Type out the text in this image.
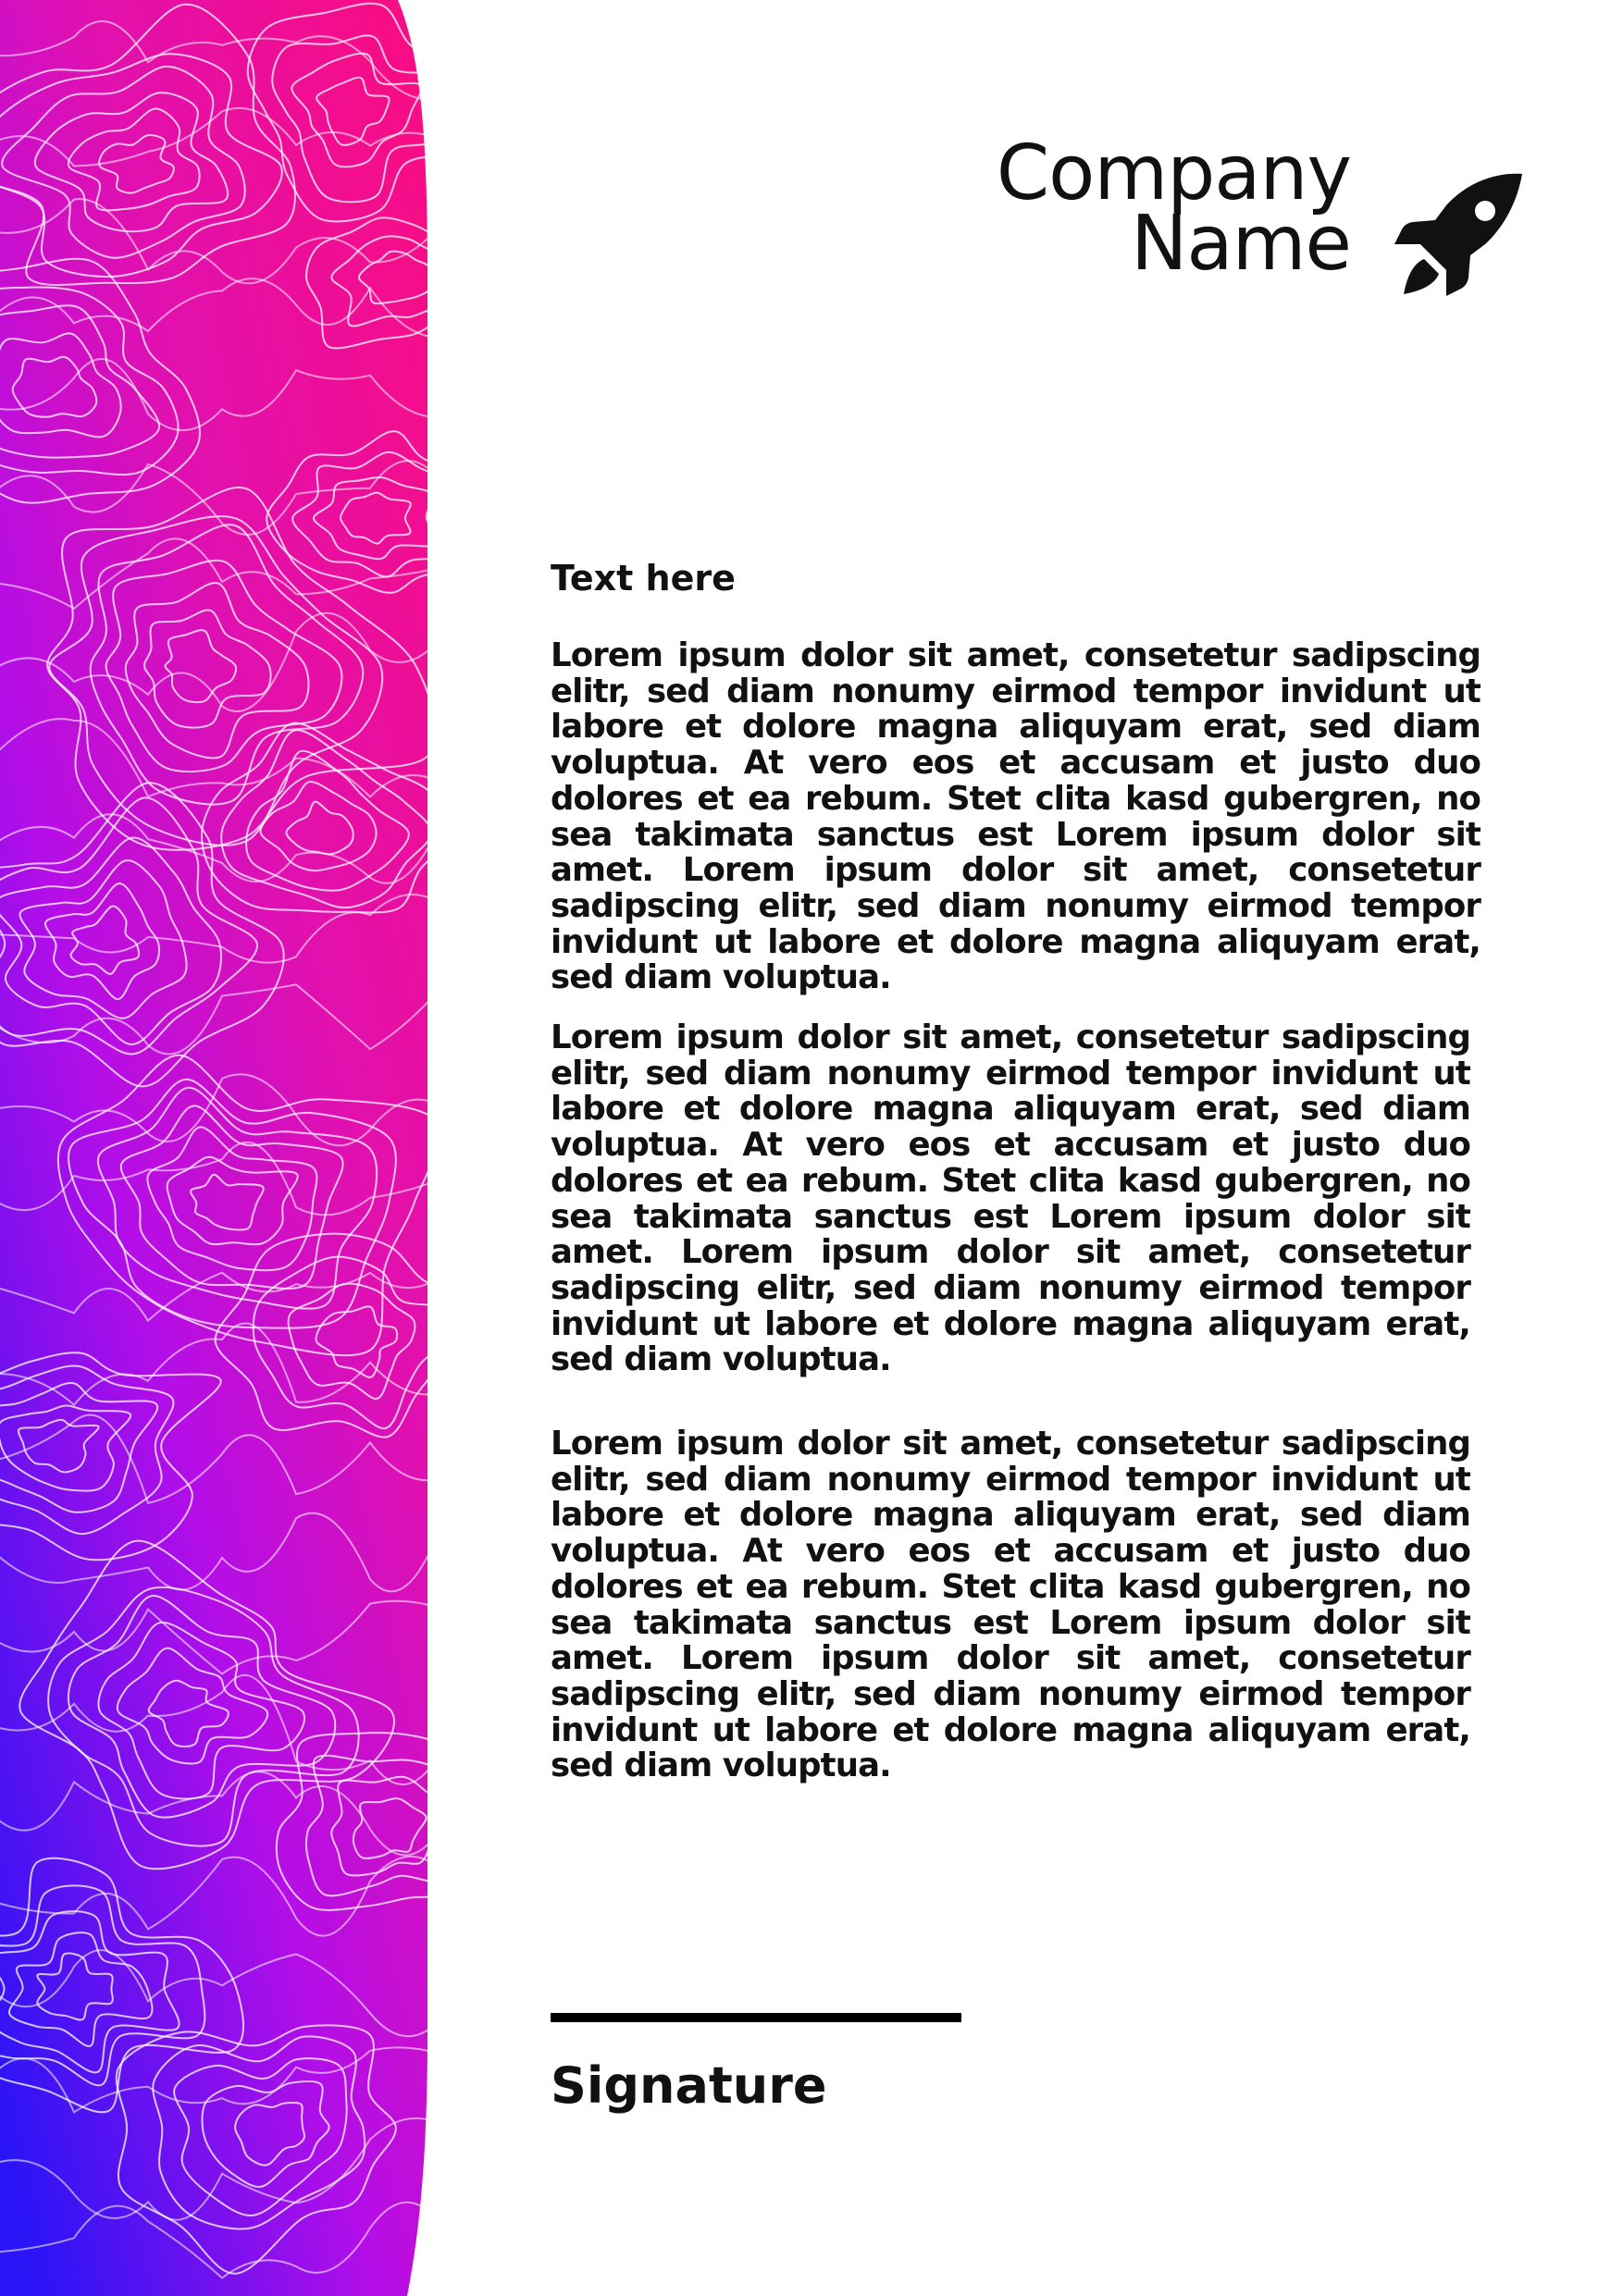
Company
Name
Text here

Lorem ipsum dolor sit amet, consetetur sadipscing elitr, sed diam nonumy eirmod tempor invidunt ut labore et dolore magna aliquyam erat, sed diam voluptua. At vero eos et accusam et justo duo dolores et ea rebum. Stet clita kasd gubergren, no sea takimata sanctus est Lorem ipsum dolor sit amet. Lorem ipsum dolor sit amet, consetetur sadipscing elitr, sed diam nonumy eirmod tempor invidunt ut labore et dolore magna aliquyam erat, sed diam voluptua.

Lorem ipsum dolor sit amet, consetetur sadipscing elitr, sed diam nonumy eirmod tempor invidunt ut labore et dolore magna aliquyam erat, sed diam voluptua. At vero eos et accusam et justo duo dolores et ea rebum. Stet clita kasd gubergren, no sea takimata sanctus est Lorem ipsum dolor sit amet. Lorem ipsum dolor sit amet, consetetur sadipscing elitr, sed diam nonumy eirmod tempor invidunt ut labore et dolore magna aliquyam erat, sed diam voluptua.

Lorem ipsum dolor sit amet, consetetur sadipscing elitr, sed diam nonumy eirmod tempor invidunt ut labore et dolore magna aliquyam erat, sed diam voluptua. At vero eos et accusam et justo duo dolores et ea rebum. Stet clita kasd gubergren, no sea takimata sanctus est Lorem ipsum dolor sit amet. Lorem ipsum dolor sit amet, consetetur sadipscing elitr, sed diam nonumy eirmod tempor invidunt ut labore et dolore magna aliquyam erat, sed diam voluptua.

Signature
